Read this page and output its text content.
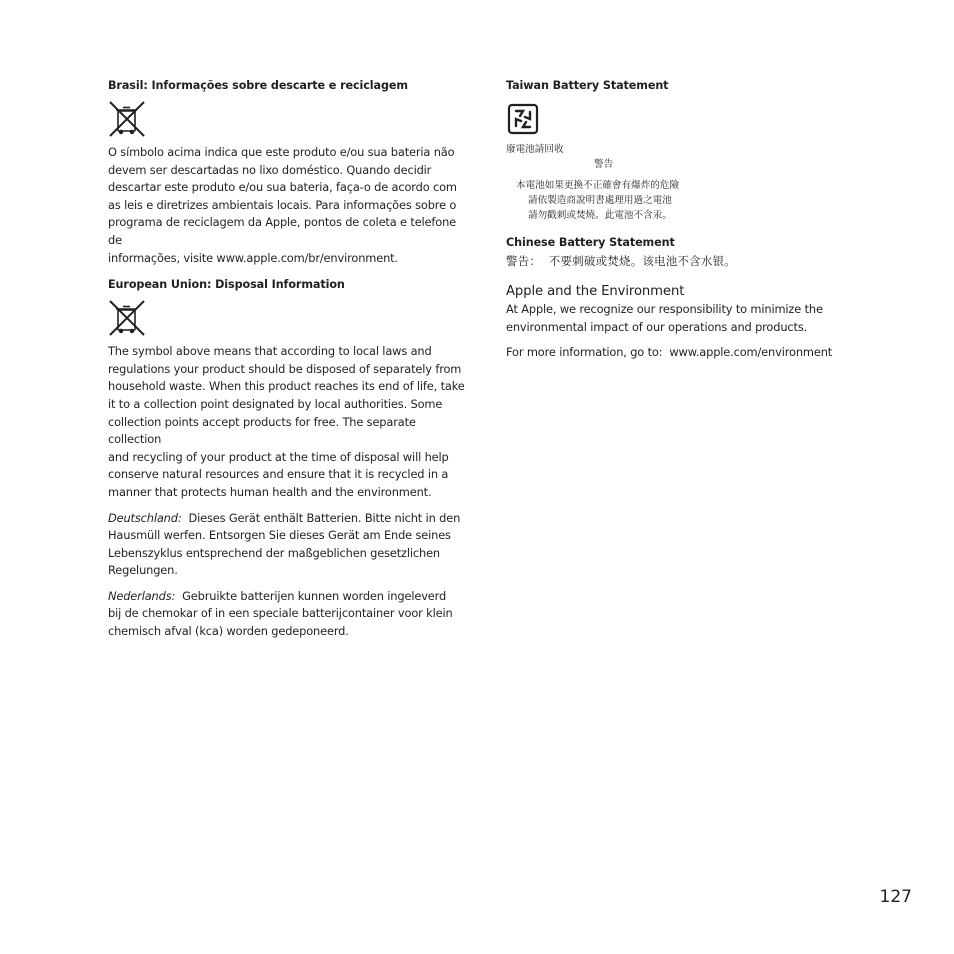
Brasil: Informações sobre descarte e reciclagem

O símbolo acima indica que este produto e/ou sua bateria não

devem ser descartadas no lixo doméstico. Quando decidir

descartar este produto e/ou sua bateria, faça-o de acordo com

as leis e diretrizes ambientais locais. Para informações sobre o

programa de reciclagem da Apple, pontos de coleta e telefone de

informações, visite www.apple.com/br/environment.

European Union: Disposal Information

The symbol above means that according to local laws and

regulations your product should be disposed of separately from

household waste. When this product reaches its end of life, take

it to a collection point designated by local authorities. Some

collection points accept products for free. The separate collection

and recycling of your product at the time of disposal will help

conserve natural resources and ensure that it is recycled in a

manner that protects human health and the environment.

Deutschland:  Dieses Gerät enthält Batterien. Bitte nicht in den

Hausmüll werfen. Entsorgen Sie dieses Gerät am Ende seines

Lebenszyklus entsprechend der maßgeblichen gesetzlichen

Regelungen.

Nederlands:  Gebruikte batterijen kunnen worden ingeleverd

bij de chemokar of in een speciale batterijcontainer voor klein

chemisch afval (kca) worden gedeponeerd.

Taiwan Battery Statement

廢電池請回收

警告

本電池如果更換不正確會有爆炸的危險

請依製造商說明書處理用過之電池

請勿戳刺或焚燒。此電池不含汞。

Chinese Battery Statement

警告：  不要刺破或焚烧。该电池不含水银。

Apple and the Environment

At Apple, we recognize our responsibility to minimize the

environmental impact of our operations and products.

For more information, go to:  www.apple.com/environment

127
